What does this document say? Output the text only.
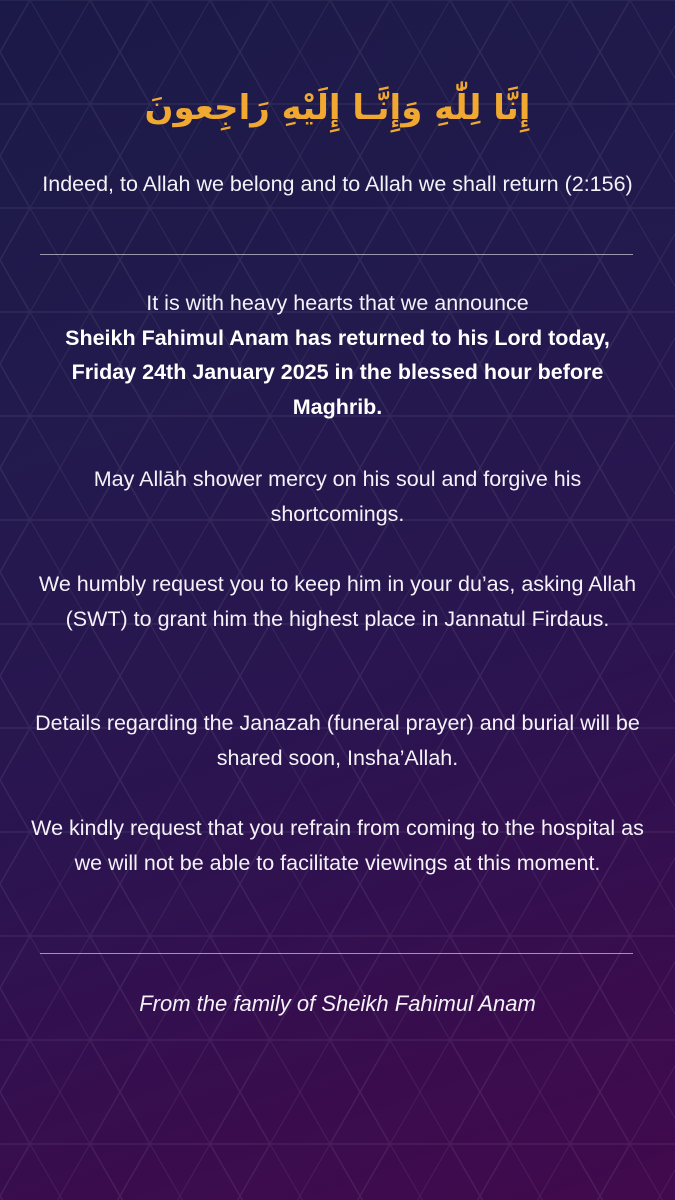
إِنَّا لِلّٰهِ وَإِنَّـا إِلَيْهِ رَاجِعونَ
Indeed, to Allah we belong and to Allah we shall return (2:156)
It is with heavy hearts that we announce
Sheikh Fahimul Anam has returned to his Lord today, Friday 24th January 2025 in the blessed hour before Maghrib.
May Allāh shower mercy on his soul and forgive his shortcomings.
We humbly request you to keep him in your du’as, asking Allah (SWT) to grant him the highest place in Jannatul Firdaus.
Details regarding the Janazah (funeral prayer) and burial will be shared soon, Insha’Allah.
We kindly request that you refrain from coming to the hospital as we will not be able to facilitate viewings at this moment.
From the family of Sheikh Fahimul Anam
